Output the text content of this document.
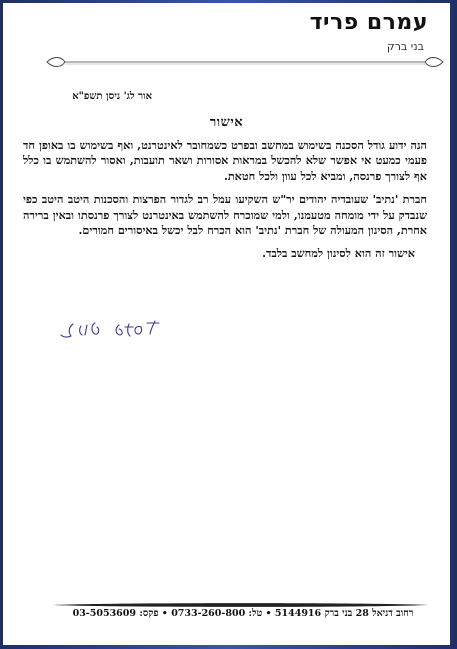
עמרם פריד

בני ברק

אור לג' ניסן תשפ"א
אישור

הנה ידוע גודל הסכנה בשימוש במחשב ובפרט כשמחובר לאינטרנט, ואף בשימוש בו באופן חד פעמי כמעט אי אפשר שלא להכשל במראות אסורות ושאר תועבות, ואסור להשתמש בו כלל אף לצורך פרנסה, ומביא לכל עוון ולכל חטאת.

חברת 'נתיב' שעובדיה יהודים יר"ש השקיעו עמל רב לגדור הפרצות והסכנות היטב היטב כפי שנבדק על ידי מומחה מטעמנו, ולמי שמוכרח להשתמש באינטרנט לצורך פרנסתו ובאין ברירה אחרת, הסינון המעולה של חברת 'נתיב' הוא הכרח לבל יכשל באיסורים חמורים.

אישור זה הוא לסינון למחשב בלבד.

רחוב דניאל 28 בני ברק 5144916 • טל: 0733-260-800 • פקס: 03-5053609
